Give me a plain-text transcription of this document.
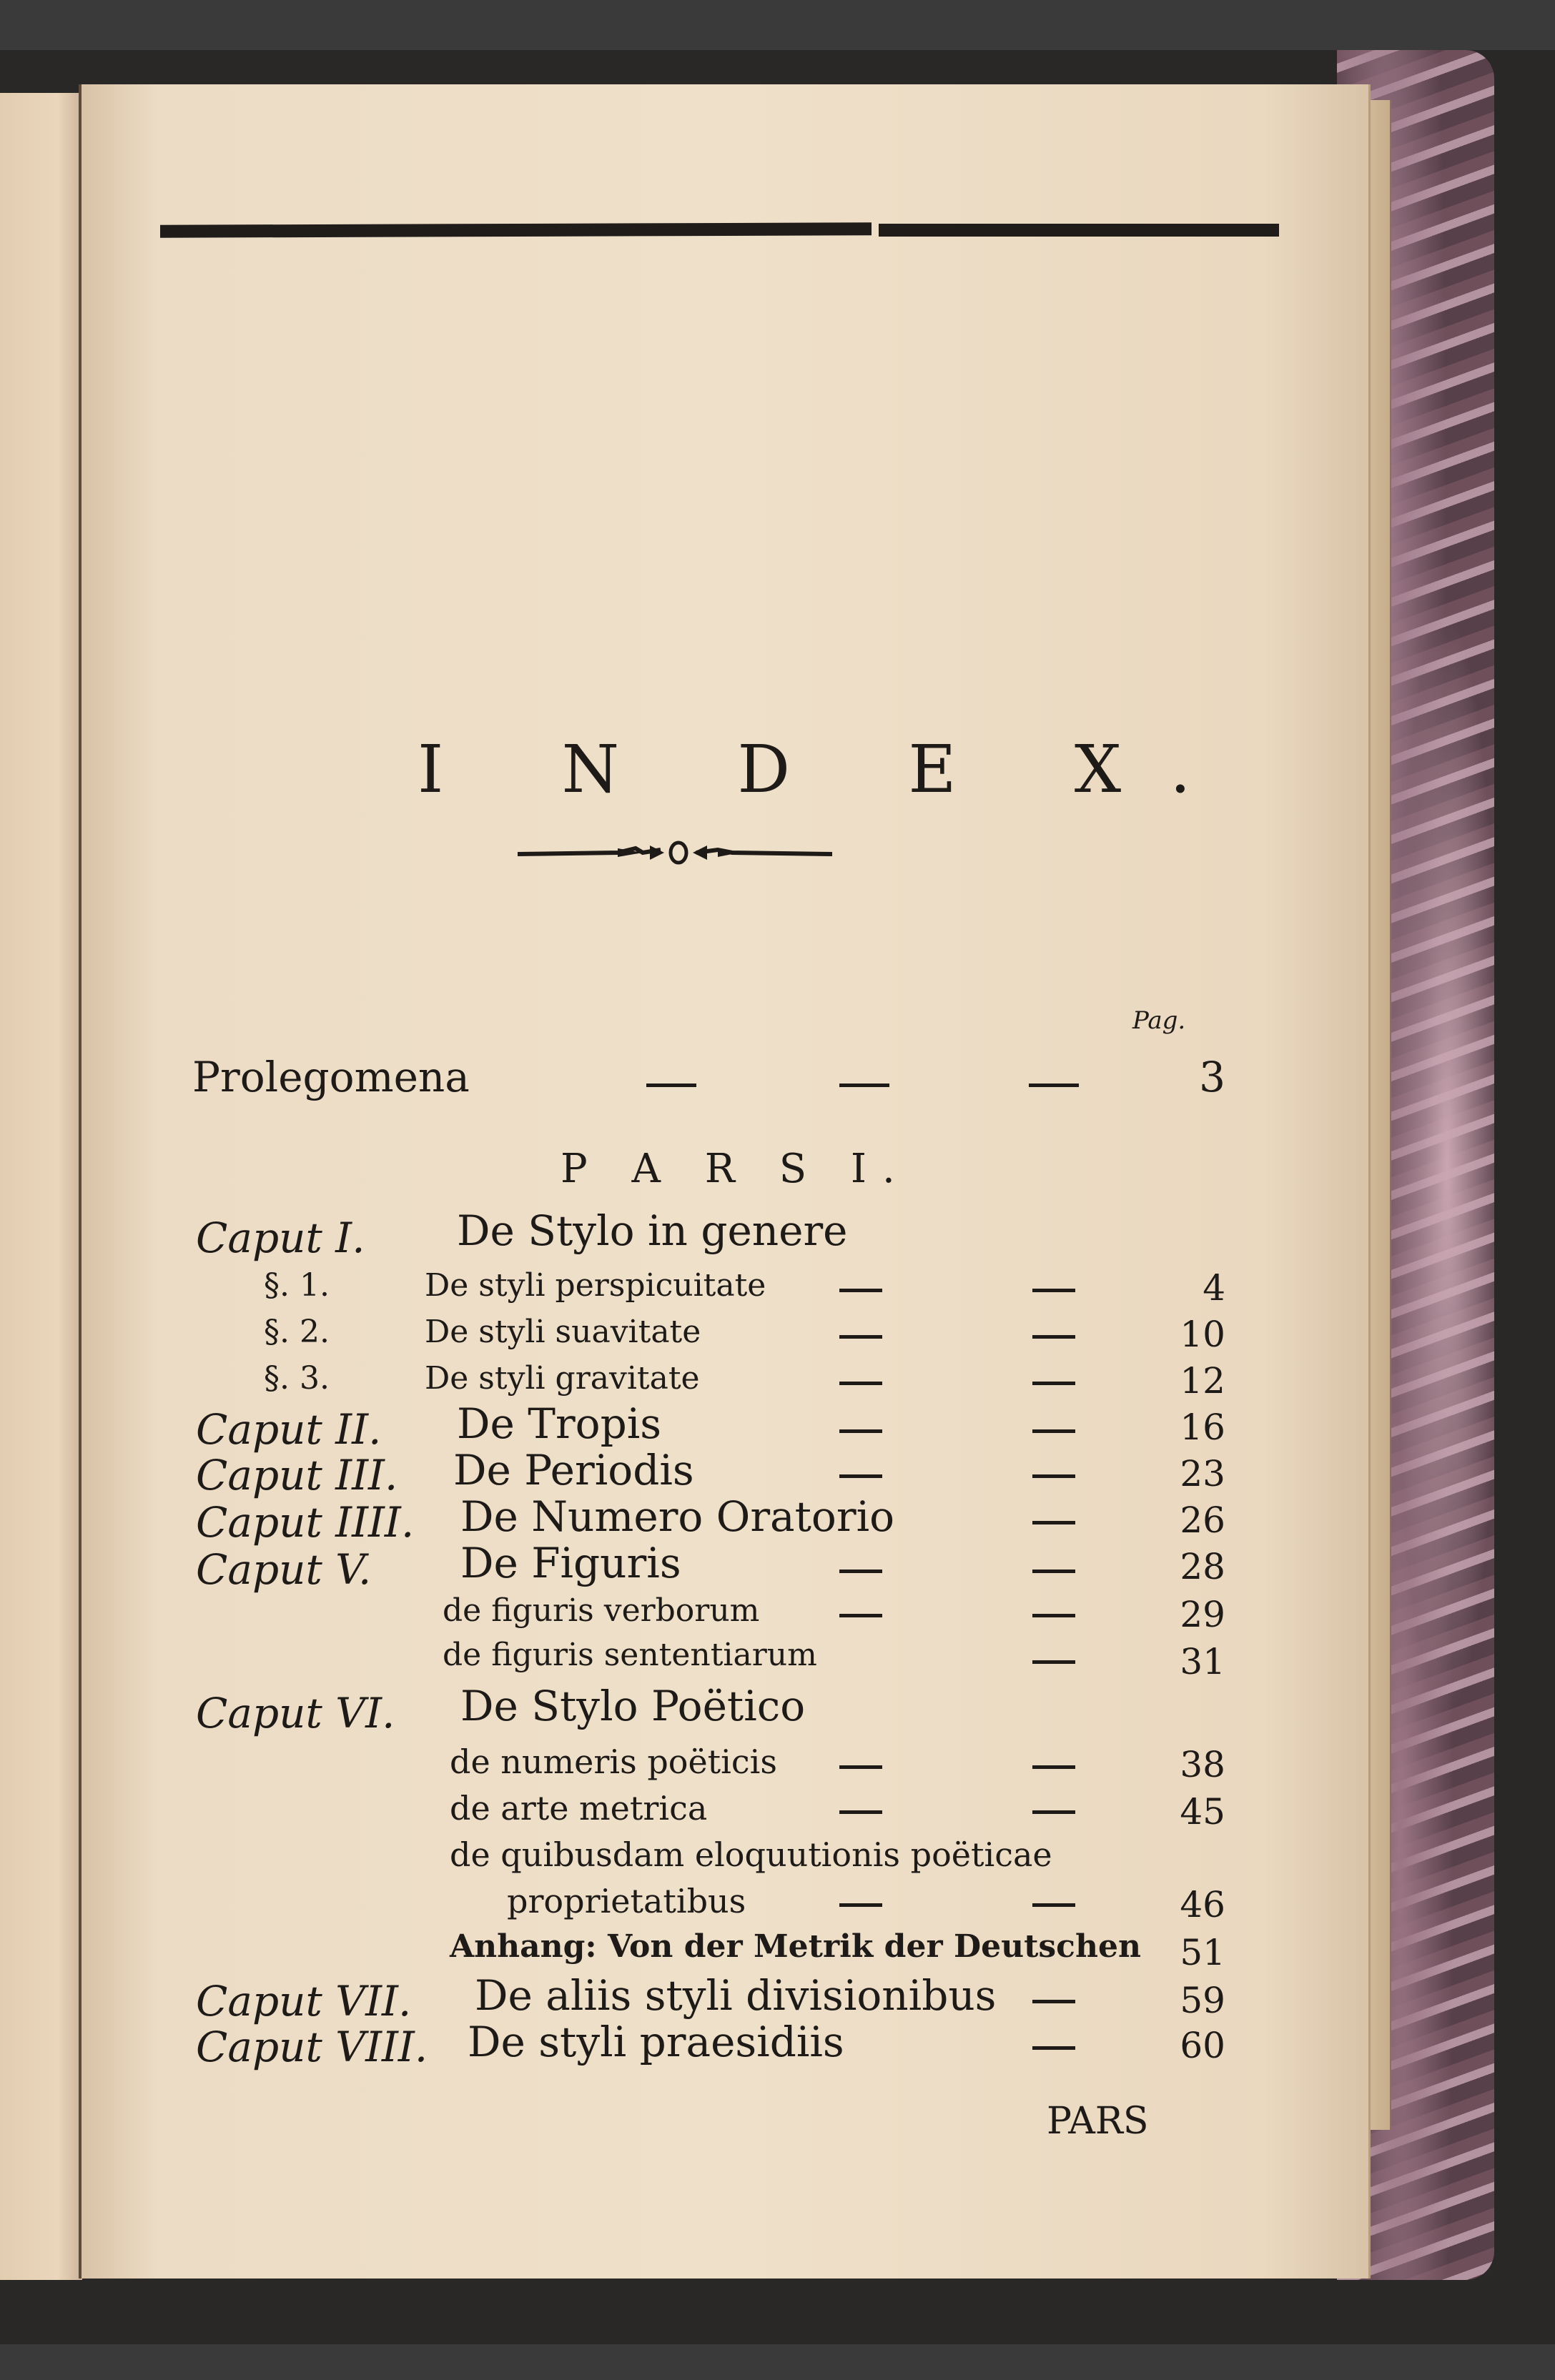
I N D E X.
Pag.
Prolegomena	3
P A R S I.
Caput I. De Stylo in genere
§. 1.	De styli perspicuitate	4
§. 2.	De styli suavitate	10
§. 3.	De styli gravitate	12
Caput II. De Tropis	16
Caput III. De Periodis	23
Caput IIII. De Numero Oratorio	26
Caput V. De Figuris	28
de figuris verborum	29
de figuris sententiarum	31
Caput VI. De Stylo Poëtico
de numeris poëticis	38
de arte metrica	45
de quibusdam eloquutionis poëticae
proprietatibus	46
Anhang: Von der Metrik der Deutschen	51
Caput VII. De aliis styli divisionibus	59
Caput VIII. De styli praesidiis	60
PARS
